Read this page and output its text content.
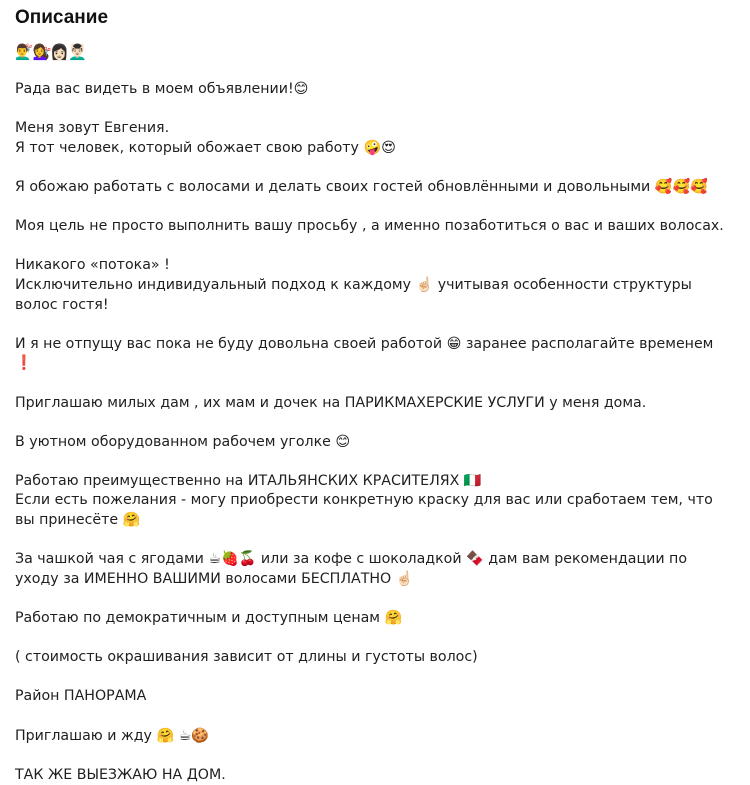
Описание
💇‍♂️💇‍♀️👩🏻💆🏻‍♂️

Рада вас видеть в моем объявлении!😊

Меня зовут Евгения.
Я тот человек, который обожает свою работу 🤪😍

Я обожаю работать с волосами и делать своих гостей обновлёнными и довольными 🥰🥰🥰

Моя цель не просто выполнить вашу просьбу , а именно позаботиться о вас и ваших волосах.

Никакого «потока» !
Исключительно индивидуальный подход к каждому ☝🏻 учитывая особенности структуры волос гостя!

И я не отпущу вас пока не буду довольна своей работой 😁 заранее располагайте временем ❗

Приглашаю милых дам , их мам и дочек на ПАРИКМАХЕРСКИЕ УСЛУГИ у меня дома.

В уютном оборудованном рабочем уголке 😊

Работаю преимущественно на ИТАЛЬЯНСКИХ КРАСИТЕЛЯХ 🇮🇹
Если есть пожелания - могу приобрести конкретную краску для вас или сработаем тем, что вы принесёте 🤗

За чашкой чая с ягодами ☕🍓🍒 или за кофе с шоколадкой 🍫 дам вам рекомендации по уходу за ИМЕННО ВАШИМИ волосами БЕСПЛАТНО ☝🏻

Работаю по демократичным и доступным ценам 🤗

( стоимость окрашивания зависит от длины и густоты волос)

Район ПАНОРАМА

Приглашаю и жду 🤗 ☕🍪

ТАК ЖЕ ВЫЕЗЖАЮ НА ДОМ.
